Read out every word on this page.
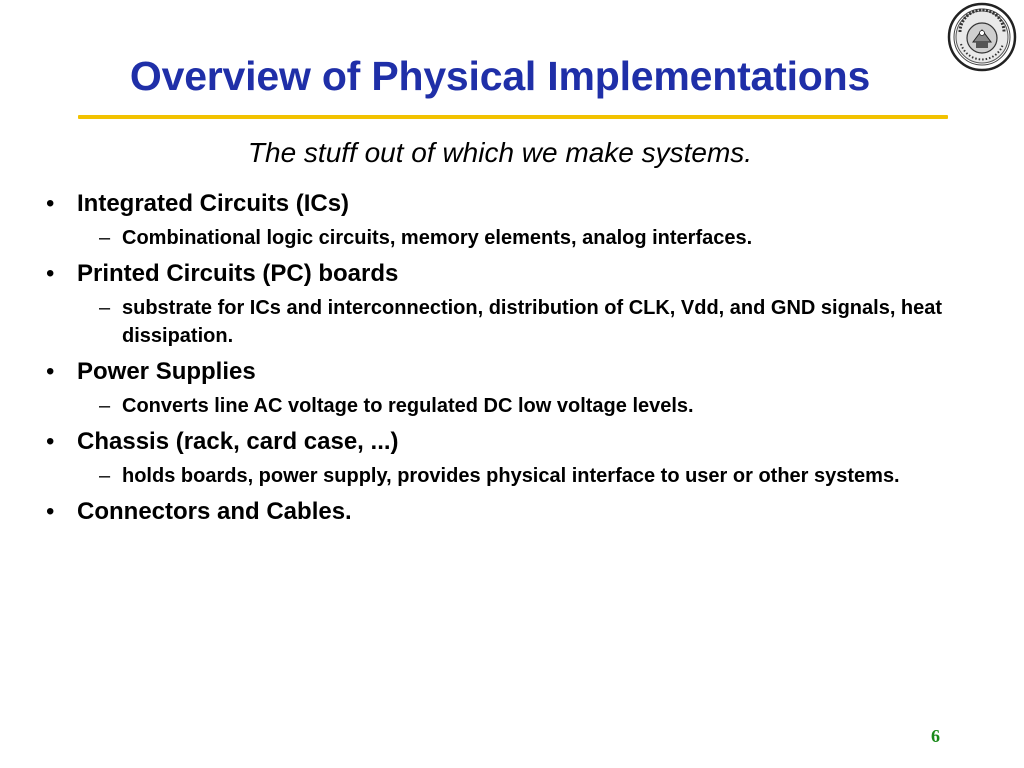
Overview of Physical Implementations
The stuff out of which we make systems.
• Integrated Circuits (ICs)
– Combinational logic circuits, memory elements, analog interfaces.
• Printed Circuits (PC) boards
– substrate for ICs and interconnection, distribution of CLK, Vdd, and GND signals, heat dissipation.
• Power Supplies
– Converts line AC voltage to regulated DC low voltage levels.
• Chassis (rack, card case, ...)
– holds boards, power supply, provides physical interface to user or other systems.
• Connectors and Cables.
6
